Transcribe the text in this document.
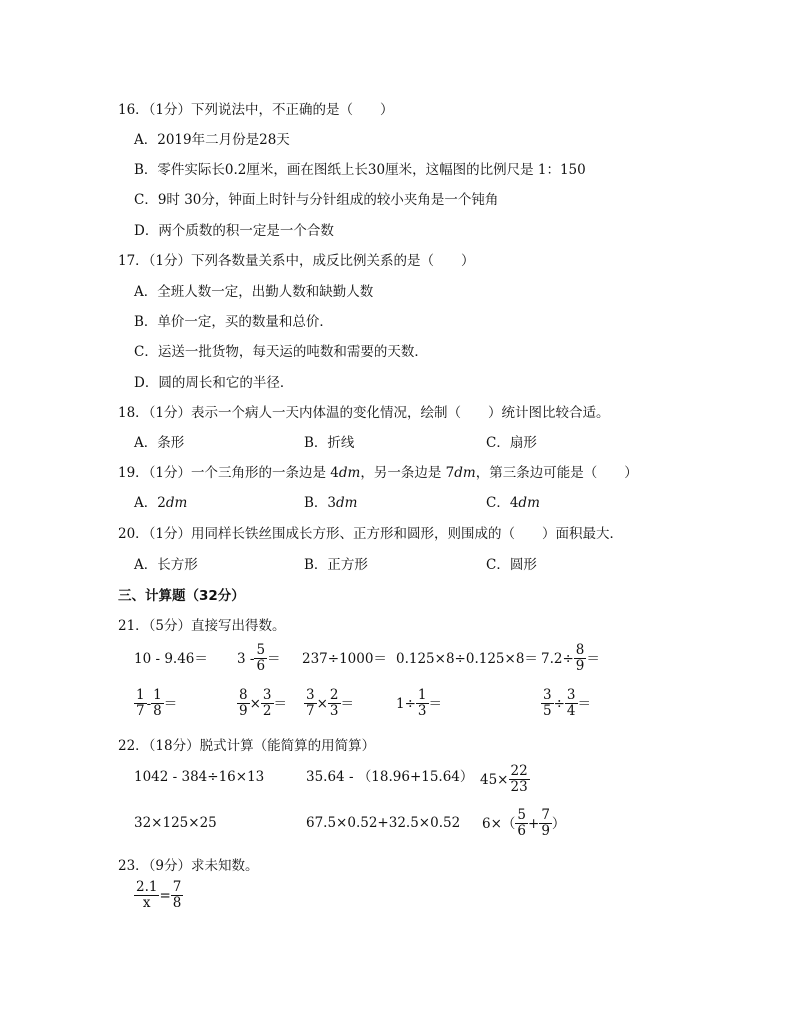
16．（1分）下列说法中，不正确的是（　　）
A．2019年二月份是28天
B．零件实际长0.2厘米，画在图纸上长30厘米，这幅图的比例尺是 1：150
C．9时 30分，钟面上时针与分针组成的较小夹角是一个钝角
D．两个质数的积一定是一个合数
17．（1分）下列各数量关系中，成反比例关系的是（　　）
A．全班人数一定，出勤人数和缺勤人数
B．单价一定，买的数量和总价．
C．运送一批货物，每天运的吨数和需要的天数．
D．圆的周长和它的半径．
18．（1分）表示一个病人一天内体温的变化情况，绘制（　　）统计图比较合适。
A．条形	B．折线	C．扇形
19．（1分）一个三角形的一条边是 4dm，另一条边是 7dm，第三条边可能是（　　）
A．2dm	B．3dm	C．4dm
20．（1分）用同样长铁丝围成长方形、正方形和圆形，则围成的（　　）面积最大．
A．长方形	B．正方形	C．圆形
三、计算题（32分）
21．（5分）直接写出得数。
$10 - 9.46= 3 - \frac{5}{6} = 237\div 1000= 0.125\times 8\div 0.125\times 8= 7.2\div \frac{8}{9}$ ＝
$\frac{1}{7} - \frac{1}{8}$ ＝	$\frac{8}{9} \times \frac{3}{2} = \frac{3}{7} \times \frac{2}{3}$ ＝	$1\div \frac{1}{3}$ ＝	$\frac{3}{5} \div \frac{3}{4}$ ＝
22．（18分）脱式计算（能简算的用简算）
1042 - 384÷16×13	35.64 - （18.96+15.64） $45\times \frac{22}{23}$
32×125×25	67.5×0.52+32.5×0.52 $6\times( \frac{5}{6} + \frac{7}{9}$ ）
23．（9分）求未知数。
$\frac{2.1}{x} = \frac{7}{8}$
